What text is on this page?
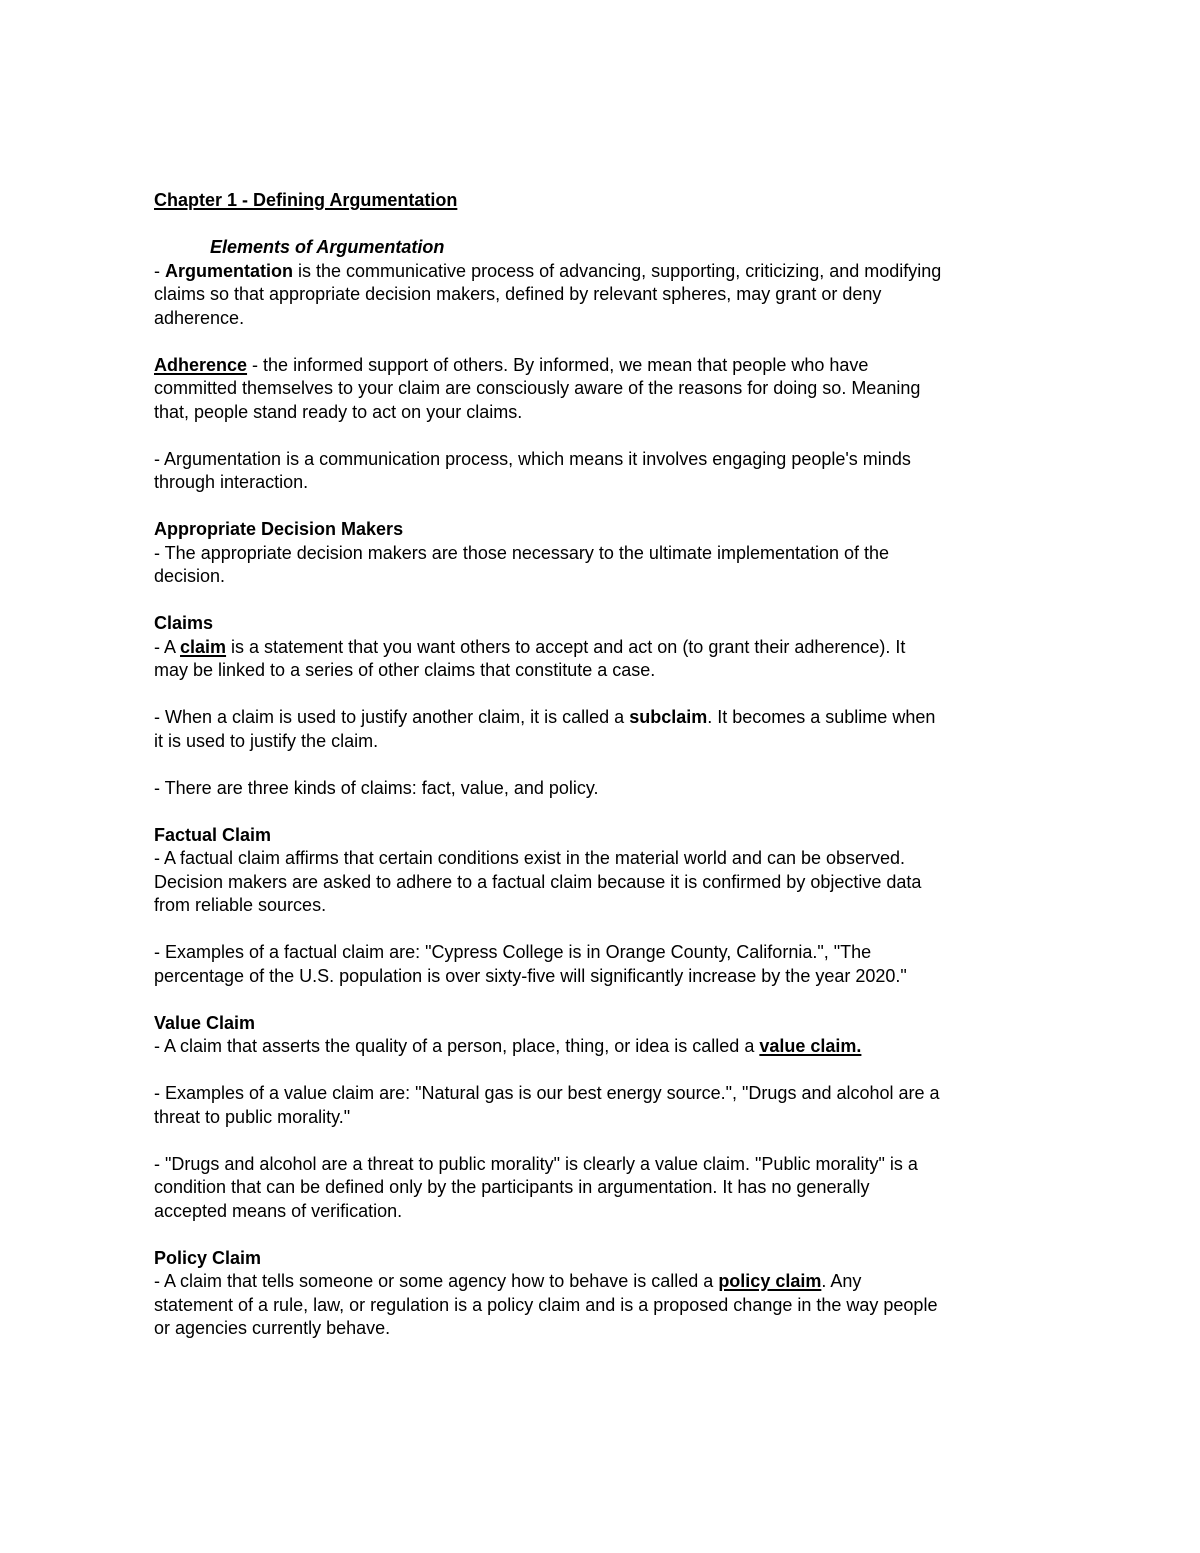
Chapter 1 - Defining Argumentation
Elements of Argumentation
- Argumentation is the communicative process of advancing, supporting, criticizing, and modifying
claims so that appropriate decision makers, defined by relevant spheres, may grant or deny
adherence.
Adherence - the informed support of others. By informed, we mean that people who have
committed themselves to your claim are consciously aware of the reasons for doing so. Meaning
that, people stand ready to act on your claims.
- Argumentation is a communication process, which means it involves engaging people's minds
through interaction.
Appropriate Decision Makers
- The appropriate decision makers are those necessary to the ultimate implementation of the
decision.
Claims
- A claim is a statement that you want others to accept and act on (to grant their adherence). It
may be linked to a series of other claims that constitute a case.
- When a claim is used to justify another claim, it is called a subclaim. It becomes a sublime when
it is used to justify the claim.
- There are three kinds of claims: fact, value, and policy.
Factual Claim
- A factual claim affirms that certain conditions exist in the material world and can be observed.
Decision makers are asked to adhere to a factual claim because it is confirmed by objective data
from reliable sources.
- Examples of a factual claim are: "Cypress College is in Orange County, California.", "The
percentage of the U.S. population is over sixty-five will significantly increase by the year 2020."
Value Claim
- A claim that asserts the quality of a person, place, thing, or idea is called a value claim.
- Examples of a value claim are: "Natural gas is our best energy source.", "Drugs and alcohol are a
threat to public morality."
- "Drugs and alcohol are a threat to public morality" is clearly a value claim. "Public morality" is a
condition that can be defined only by the participants in argumentation. It has no generally
accepted means of verification.
Policy Claim
- A claim that tells someone or some agency how to behave is called a policy claim. Any
statement of a rule, law, or regulation is a policy claim and is a proposed change in the way people
or agencies currently behave.
